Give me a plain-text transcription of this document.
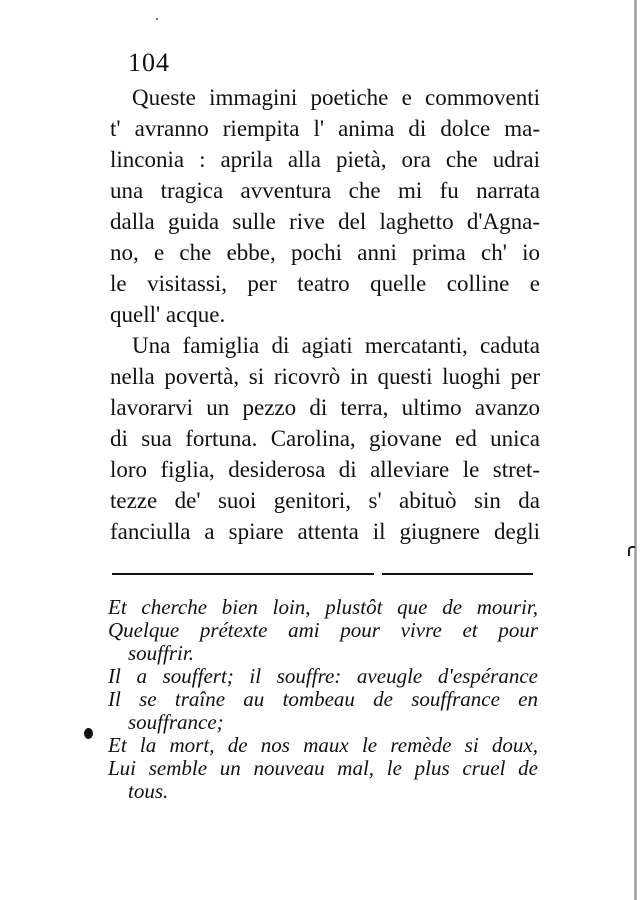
104
Queste immagini poetiche e commoventi
t' avranno riempita l' anima di dolce ma-
linconia : aprila alla pietà, ora che udrai
una tragica avventura che mi fu narrata
dalla guida sulle rive del laghetto d'Agna-
no, e che ebbe, pochi anni prima ch' io
le visitassi, per teatro quelle colline e
quell' acque.
Una famiglia di agiati mercatanti, caduta
nella povertà, si ricovrò in questi luoghi per
lavorarvi un pezzo di terra, ultimo avanzo
di sua fortuna. Carolina, giovane ed unica
loro figlia, desiderosa di alleviare le stret-
tezze de' suoi genitori, s' abituò sin da
fanciulla a spiare attenta il giugnere degli
Et cherche bien loin, plustôt que de mourir,
Quelque prétexte ami pour vivre et pour
souffrir.
Il a souffert; il souffre: aveugle d'espérance
Il se traîne au tombeau de souffrance en
souffrance;
Et la mort, de nos maux le remède si doux,
Lui semble un nouveau mal, le plus cruel de
tous.
